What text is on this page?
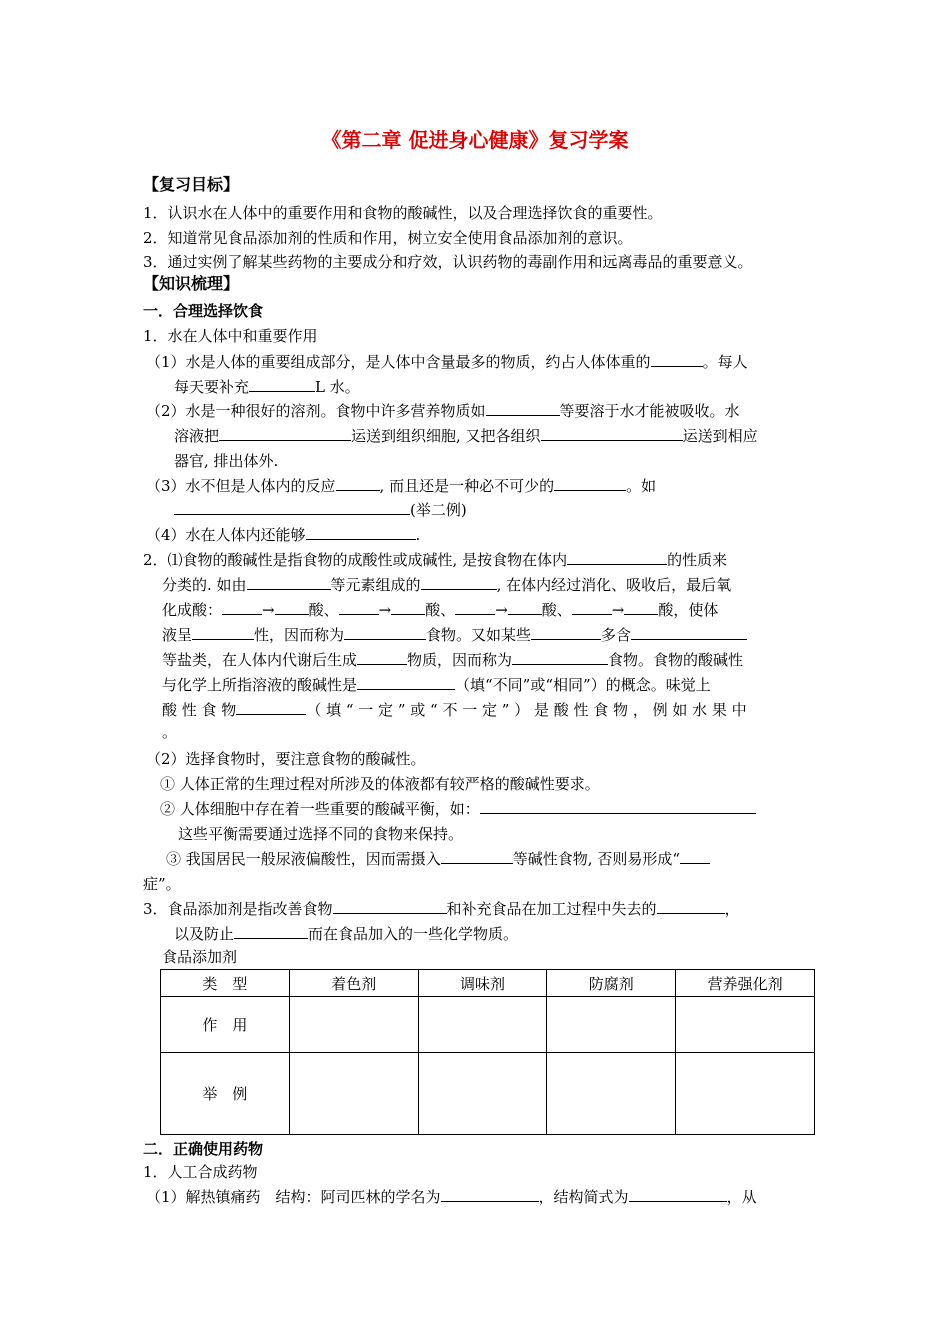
《第二章 促进身心健康》复习学案
【复习目标】
1．认识水在人体中的重要作用和食物的酸碱性，以及合理选择饮食的重要性。
2．知道常见食品添加剂的性质和作用，树立安全使用食品添加剂的意识。
3．通过实例了解某些药物的主要成分和疗效，认识药物的毒副作用和远离毒品的重要意义。
【知识梳理】
一．合理选择饮食
1．水在人体中和重要作用
（1）水是人体的重要组成部分，是人体中含量最多的物质，约占人体体重的	。每人
每天要补充	L 水。
（2）水是一种很好的溶剂。食物中许多营养物质如	等要溶于水才能被吸收。水
溶液把	运送到组织细胞, 又把各组织	运送到相应
器官, 排出体外.
（3）水不但是人体内的反应	, 而且还是一种必不可少的	。如
(举二例)
（4）水在人体内还能够	.
2．⑴食物的酸碱性是指食物的成酸性或成碱性, 是按食物在体内	的性质来
分类的. 如由	等元素组成的	, 在体内经过消化、吸收后，最后氧
化成酸：	→ 酸、	→ 酸、	→ 酸、	→ 酸，使体
液呈	性，因而称为	食物。又如某些	多含
等盐类，在人体内代谢后生成	物质，因而称为	食物。食物的酸碱性
与化学上所指溶液的酸碱性是	（填“不同”或“相同”）的概念。味觉上
酸 性 食 物	（ 填 “ 一 定 ” 或 “ 不 一 定 ” ） 是 酸 性 食 物 ， 例 如 水 果 中
。
（2）选择食物时，要注意食物的酸碱性。
① 人体正常的生理过程对所涉及的体液都有较严格的酸碱性要求。
② 人体细胞中存在着一些重要的酸碱平衡，如：
这些平衡需要通过选择不同的食物来保持。
③ 我国居民一般尿液偏酸性，因而需摄入	等碱性食物, 否则易形成“
症”。
3．食品添加剂是指改善食物	和补充食品在加工过程中失去的	，
以及防止	而在食品加入的一些化学物质。
食品添加剂
类　型	着色剂	调味剂	防腐剂	营养强化剂
作　用				
举　例				
二．正确使用药物
1．人工合成药物
（1）解热镇痛药　结构：阿司匹林的学名为	，结构简式为	，从
